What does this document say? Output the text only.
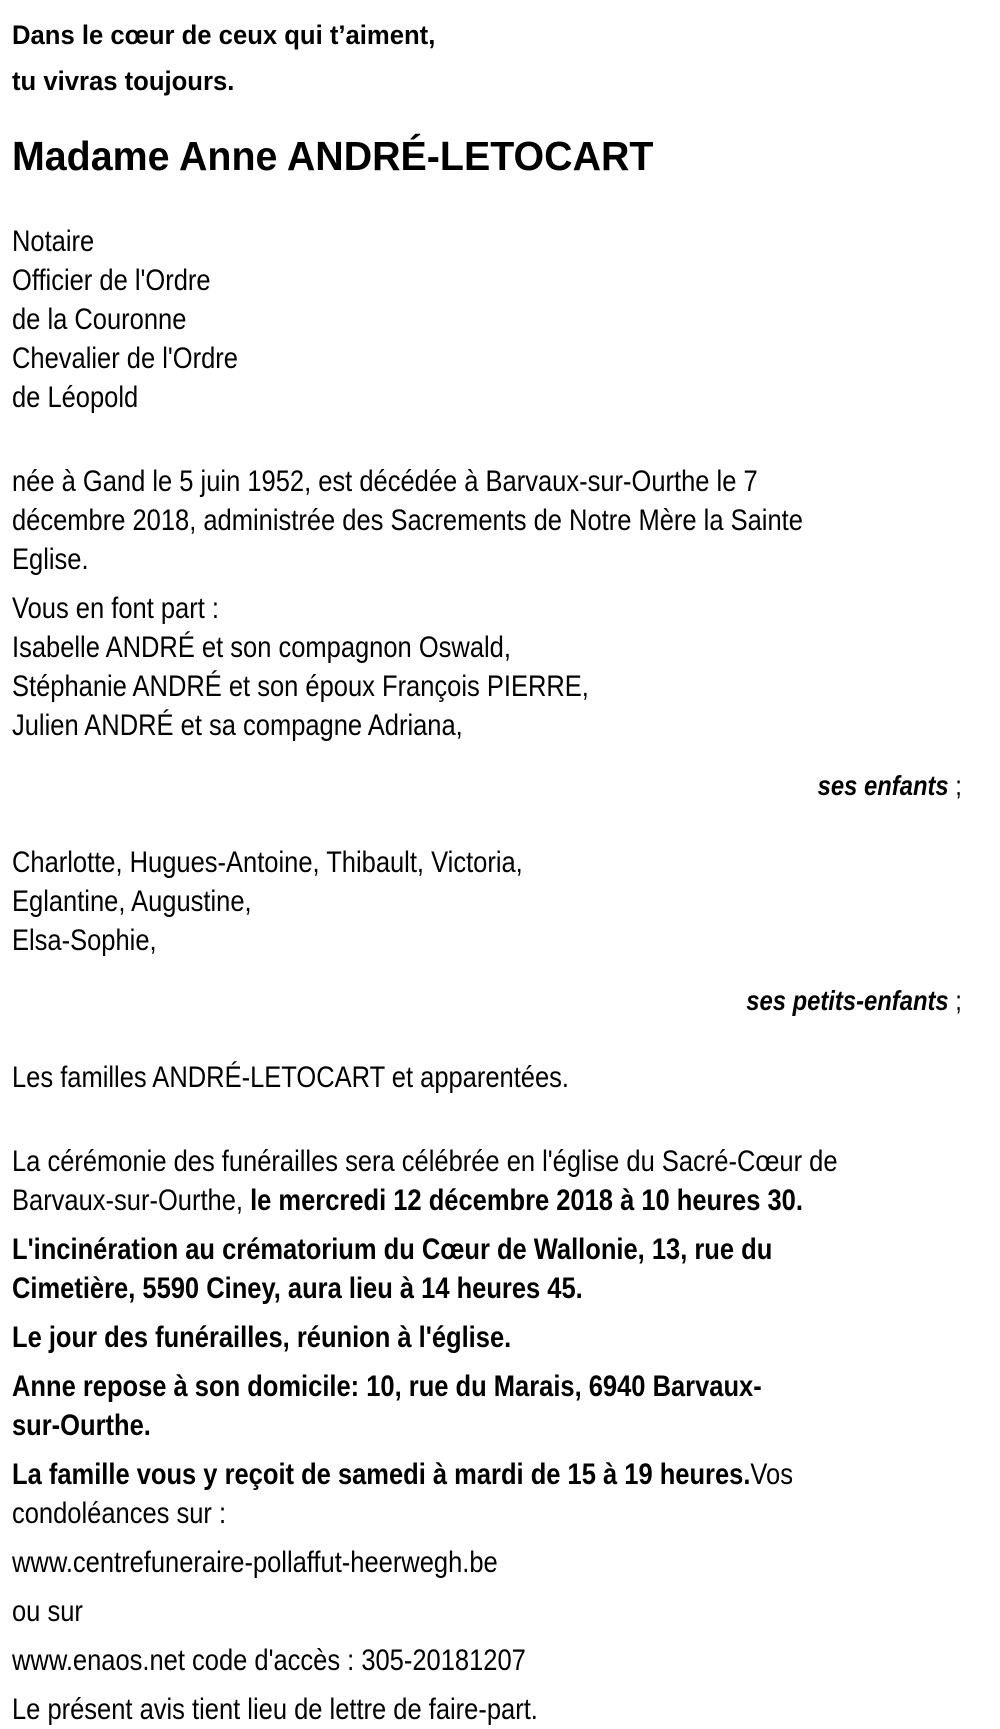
Dans le cœur de ceux qui t’aiment,
tu vivras toujours.
Madame Anne ANDRÉ-LETOCART
Notaire
Officier de l'Ordre
de la Couronne
Chevalier de l'Ordre
de Léopold
née à Gand le 5 juin 1952, est décédée à Barvaux-sur-Ourthe le 7
décembre 2018, administrée des Sacrements de Notre Mère la Sainte
Eglise.
Vous en font part :
Isabelle ANDRÉ et son compagnon Oswald,
Stéphanie ANDRÉ et son époux François PIERRE,
Julien ANDRÉ et sa compagne Adriana,

ses enfants ;

Charlotte, Hugues-Antoine, Thibault, Victoria,
Eglantine, Augustine,
Elsa-Sophie,

ses petits-enfants ;

Les familles ANDRÉ-LETOCART et apparentées.
La cérémonie des funérailles sera célébrée en l'église du Sacré-Cœur de
Barvaux-sur-Ourthe, le mercredi 12 décembre 2018 à 10 heures 30.
L'incinération au crématorium du Cœur de Wallonie, 13, rue du
Cimetière, 5590 Ciney, aura lieu à 14 heures 45.
Le jour des funérailles, réunion à l'église.
Anne repose à son domicile: 10, rue du Marais, 6940 Barvaux-
sur-Ourthe.
La famille vous y reçoit de samedi à mardi de 15 à 19 heures.Vos
condoléances sur :
www.centrefuneraire-pollaffut-heerwegh.be
ou sur
www.enaos.net code d'accès : 305-20181207
Le présent avis tient lieu de lettre de faire-part.
